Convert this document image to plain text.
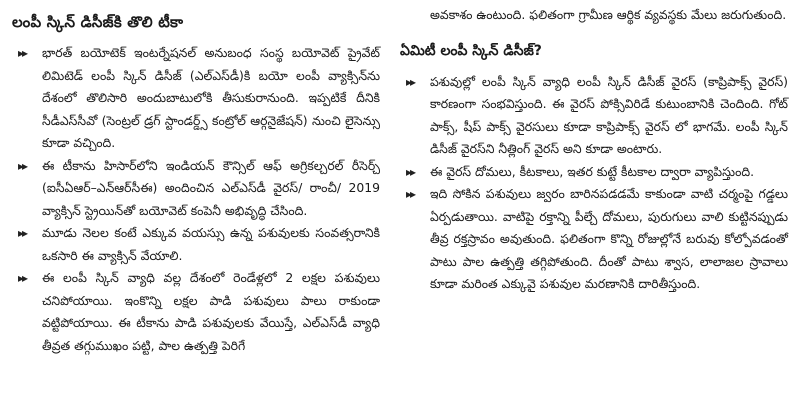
లంపీ స్కిన్ డిసీజ్‌కి తొలి టీకా
▸▸	భారత్ బయోటెక్ ఇంటర్నేషనల్ అనుబంధ సంస్థ బయోవెట్ ప్రైవేట్ లిమిటెడ్ లంపీ స్కిన్ డిసీజ్ (ఎల్ఎస్‌డీ)కి బయో లంపీ వ్యాక్సిన్‌ను దేశంలో తొలిసారి అందుబాటులోకి తీసుకురానుంది. ఇప్పటికే దీనికి సీడీఎస్‌సీవో (సెంట్రల్ డ్రగ్ స్టాండర్డ్స్ కంట్రోల్ ఆర్గనైజేషన్) నుంచి లైసెన్సు కూడా వచ్చింది.
▸▸	ఈ టీకాను హిసార్‌లోని ఇండియన్ కౌన్సిల్ ఆఫ్ అగ్రికల్చరల్ రీసెర్చ్ (ఐసీఏఆర్–ఎన్ఆర్‌సీఈ) అందించిన ఎల్ఎస్‌డీ వైరస్/ రాంచీ/ 2019 వ్యాక్సిన్ స్ట్రెయిన్‌తో బయోవెట్ కంపెనీ అభివృద్ధి చేసింది.
▸▸	మూడు నెలల కంటే ఎక్కువ వయస్సు ఉన్న పశువులకు సంవత్సరానికి ఒకసారి ఈ వ్యాక్సిన్ వేయాలి.
▸▸	ఈ లంపీ స్కిన్ వ్యాధి వల్ల దేశంలో రెండేళ్లలో 2 లక్షల పశువులు చనిపోయాయి. ఇంకొన్ని లక్షల పాడి పశువులు పాలు రాకుండా వట్టిపోయాయి. ఈ టీకాను పాడి పశువులకు వేయిస్తే, ఎల్ఎస్‌డీ వ్యాధి తీవ్రత తగ్గుముఖం పట్టి, పాల ఉత్పత్తి పెరిగే
అవకాశం ఉంటుంది. ఫలితంగా గ్రామీణ ఆర్థిక వ్యవస్థకు మేలు జరుగుతుంది.
ఏమిటీ లంపీ స్కిన్ డిసీజ్?
▸▸	పశువుల్లో లంపీ స్కిన్ వ్యాధి లంపీ స్కిన్ డిసీజ్ వైరస్ (కాప్రిపాక్స్ వైరస్) కారణంగా సంభవిస్తుంది. ఈ వైరస్ పోక్సివిరిడే కుటుంబానికి చెందింది. గోట్ పాక్స్, షీప్ పాక్స్ వైరసులు కూడా కాప్రిపాక్స్ వైరస్ లో భాగమే. లంపీ స్కిన్ డిసీజ్ వైరస్‌ని నీత్లింగ్ వైరస్ అని కూడా అంటారు.
▸▸	ఈ వైరస్ దోమలు, కీటకాలు, ఇతర కుట్టే కీటకాల ద్వారా వ్యాపిస్తుంది.
▸▸	ఇది సోకిన పశువులు జ్వరం బారినపడడమే కాకుండా వాటి చర్మంపై గడ్డలు ఏర్పడుతాయి. వాటిపై రక్తాన్ని పీల్చే దోమలు, పురుగులు వాలి కుట్టినప్పుడు తీవ్ర రక్తస్రావం అవుతుంది. ఫలితంగా కొన్ని రోజుల్లోనే బరువు కోల్పోవడంతో పాటు పాల ఉత్పత్తి తగ్గిపోతుంది. దీంతో పాటు శ్వాస, లాలాజల స్రావాలు కూడా మరింత ఎక్కువై పశువుల మరణానికి దారితీస్తుంది.
